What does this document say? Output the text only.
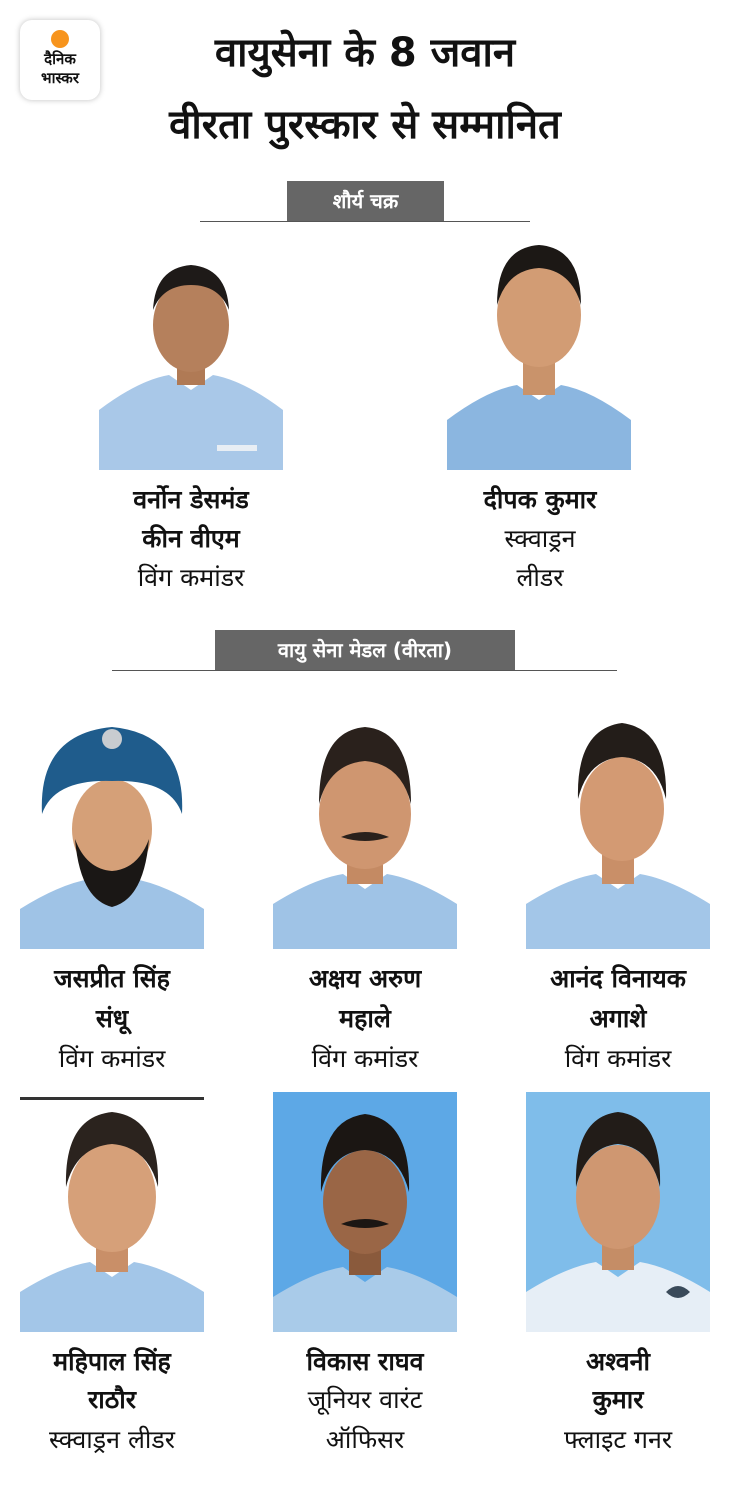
दैनिक
भास्कर
वायुसेना के 8 जवान
वीरता पुरस्कार से सम्मानित
शौर्य चक्र
वर्नोन डेसमंड
कीन वीएम
विंग कमांडर
दीपक कुमार
स्क्वाड्रन
लीडर
वायु सेना मेडल (वीरता)
जसप्रीत सिंह
संधू
विंग कमांडर
अक्षय अरुण
महाले
विंग कमांडर
आनंद विनायक
अगाशे
विंग कमांडर
महिपाल सिंह
राठौर
स्क्वाड्रन लीडर
विकास राघव
जूनियर वारंट
ऑफिसर
अश्वनी
कुमार
फ्लाइट गनर
